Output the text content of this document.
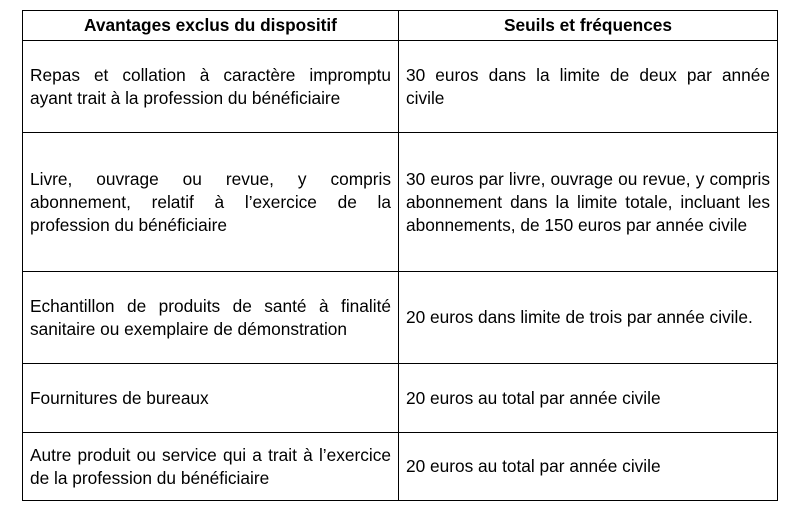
Avantages exclus du dispositif	Seuils et fréquences
Repas et collation à caractère impromptu ayant trait à la profession du bénéficiaire	30 euros dans la limite de deux par année civile
Livre, ouvrage ou revue, y compris abonnement, relatif à l’exercice de la profession du bénéficiaire	30 euros par livre, ouvrage ou revue, y compris abonnement dans la limite totale, incluant les abonnements, de 150 euros par année civile
Echantillon de produits de santé à finalité sanitaire ou exemplaire de démonstration	20 euros dans limite de trois par année civile.
Fournitures de bureaux	20 euros au total par année civile
Autre produit ou service qui a trait à l’exercice de la profession du bénéficiaire	20 euros au total par année civile
